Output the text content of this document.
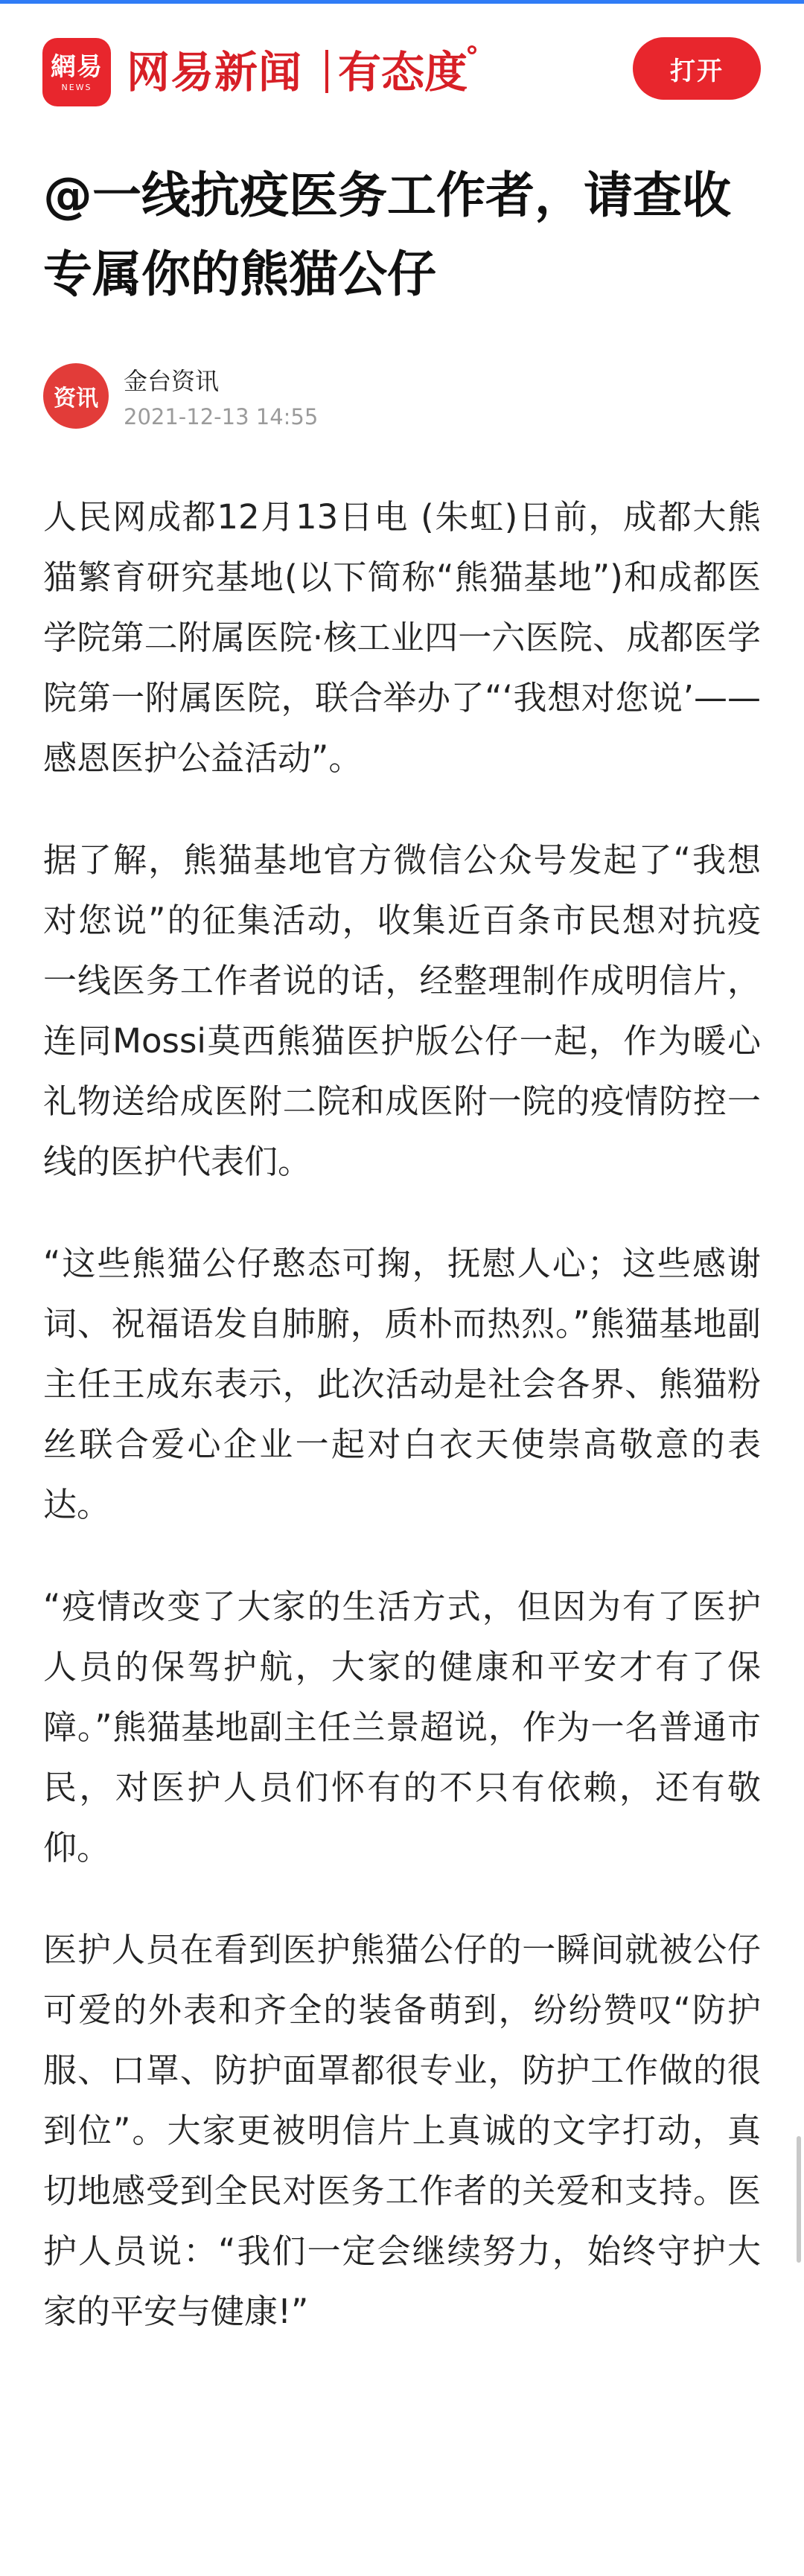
網易
NEWS 网易新闻 有态度	打开
@一线抗疫医务工作者，请查收专属你的熊猫公仔
资讯
金台资讯
2021-12-13 14:55

人民网成都12月13日电 (朱虹)日前，成都大熊猫繁育研究基地(以下简称“熊猫基地”)和成都医学院第二附属医院·核工业四一六医院、成都医学院第一附属医院，联合举办了“‘我想对您说’——感恩医护公益活动”。

据了解，熊猫基地官方微信公众号发起了“我想对您说”的征集活动，收集近百条市民想对抗疫一线医务工作者说的话，经整理制作成明信片，连同Mossi莫西熊猫医护版公仔一起，作为暖心礼物送给成医附二院和成医附一院的疫情防控一线的医护代表们。

“这些熊猫公仔憨态可掬，抚慰人心；这些感谢词、祝福语发自肺腑，质朴而热烈。”熊猫基地副主任王成东表示，此次活动是社会各界、熊猫粉丝联合爱心企业一起对白衣天使崇高敬意的表达。

“疫情改变了大家的生活方式，但因为有了医护人员的保驾护航，大家的健康和平安才有了保障。”熊猫基地副主任兰景超说，作为一名普通市民，对医护人员们怀有的不只有依赖，还有敬仰。

医护人员在看到医护熊猫公仔的一瞬间就被公仔可爱的外表和齐全的装备萌到，纷纷赞叹“防护服、口罩、防护面罩都很专业，防护工作做的很到位”。大家更被明信片上真诚的文字打动，真切地感受到全民对医务工作者的关爱和支持。医护人员说：“我们一定会继续努力，始终守护大家的平安与健康!”
